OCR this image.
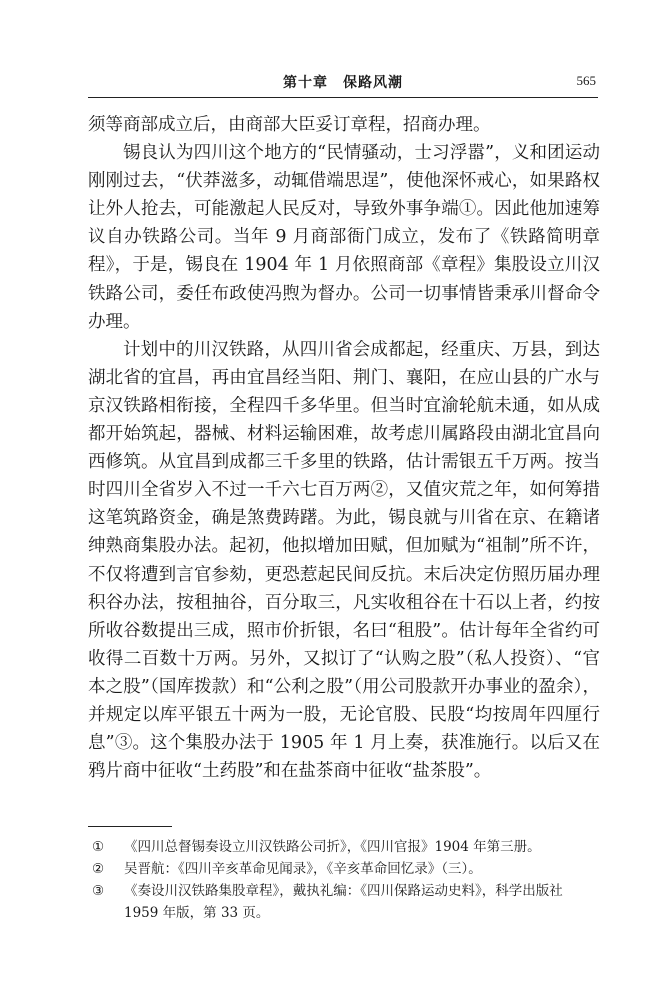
第十章　保路风潮	565

须等商部成立后，由商部大臣妥订章程，招商办理。

锡良认为四川这个地方的“民情骚动，士习浮嚣”，义和团运动刚刚过去，“伏莽滋多，动辄借端思逞”，使他深怀戒心，如果路权让外人抢去，可能激起人民反对，导致外事争端①。因此他加速筹议自办铁路公司。当年 9 月商部衙门成立，发布了《铁路简明章程》，于是，锡良在 1904 年 1 月依照商部《章程》集股设立川汉铁路公司，委任布政使冯煦为督办。公司一切事情皆秉承川督命令办理。

计划中的川汉铁路，从四川省会成都起，经重庆、万县，到达湖北省的宜昌，再由宜昌经当阳、荆门、襄阳，在应山县的广水与京汉铁路相衔接，全程四千多华里。但当时宜渝轮航未通，如从成都开始筑起，器械、材料运输困难，故考虑川属路段由湖北宜昌向西修筑。从宜昌到成都三千多里的铁路，估计需银五千万两。按当时四川全省岁入不过一千六七百万两②，又值灾荒之年，如何筹措这笔筑路资金，确是煞费踌躇。为此，锡良就与川省在京、在籍诸绅熟商集股办法。起初，他拟增加田赋，但加赋为“祖制”所不许，不仅将遭到言官参劾，更恐惹起民间反抗。末后决定仿照历届办理积谷办法，按租抽谷，百分取三，凡实收租谷在十石以上者，约按所收谷数提出三成，照市价折银，名曰“租股”。估计每年全省约可收得二百数十万两。另外，又拟订了“认购之股”（私人投资）、“官本之股”（国库拨款）和“公利之股”（用公司股款开办事业的盈余），并规定以库平银五十两为一股，无论官股、民股“均按周年四厘行息”③。这个集股办法于 1905 年 1 月上奏，获准施行。以后又在鸦片商中征收“土药股”和在盐茶商中征收“盐茶股”。

① 《四川总督锡奏设立川汉铁路公司折》，《四川官报》1904 年第三册。

② 吴晋航：《四川辛亥革命见闻录》，《辛亥革命回忆录》（三）。

③ 《奏设川汉铁路集股章程》，戴执礼编：《四川保路运动史料》，科学出版社 1959 年版，第 33 页。
